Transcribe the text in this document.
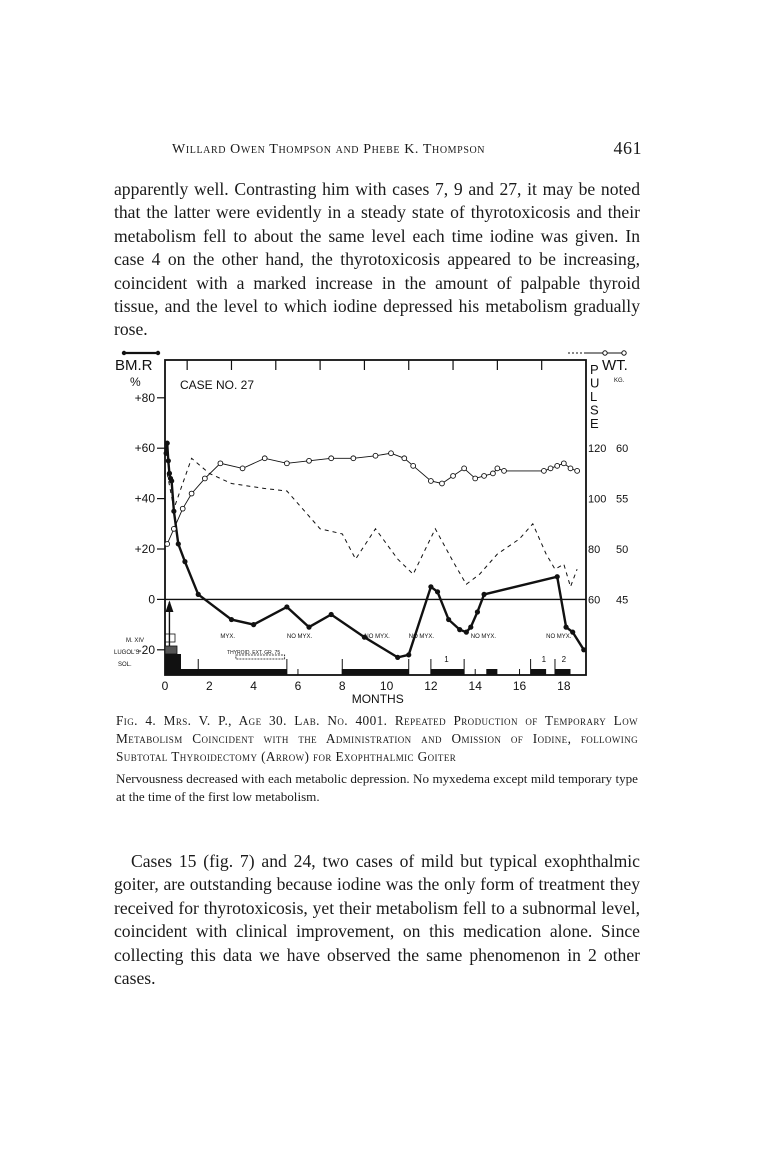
Willard Owen Thompson and Phebe K. Thompson	461

apparently well. Contrasting him with cases 7, 9 and 27, it may be noted that the latter were evidently in a steady state of thyrotoxicosis and their metabolism fell to about the same level each time iodine was given. In case 4 on the other hand, the thyrotoxicosis appeared to be increasing, coincident with a marked increase in the amount of palpable thyroid tissue, and the level to which iodine depressed his metabolism gradually rose.

-20
0
+20
+40
+60
+80
60 45
80 50
100 55
120 60
0	2	4	6	8	10	12	14	16	18
MONTHS
BM.R
%	CASE NO. 27
P
U
L
S
E
WT.
KG.
M. XIV
LUGOL'S
SOL.
MYX.	NO MYX.	NO MYX.	NO MYX.	NO MYX.	NO MYX.
THYROID. EXT. GR. 75
1	1 2
Fig. 4. Mrs. V. P., Age 30. Lab. No. 4001. Repeated Production of Temporary Low Metabolism Coincident with the Administration and Omission of Iodine, following Subtotal Thyroidectomy (Arrow) for Exophthalmic Goiter
Nervousness decreased with each metabolic depression. No myxedema except mild temporary type at the time of the first low metabolism.

Cases 15 (fig. 7) and 24, two cases of mild but typical exophthalmic goiter, are outstanding because iodine was the only form of treatment they received for thyrotoxicosis, yet their metabolism fell to a subnormal level, coincident with clinical improvement, on this medication alone. Since collecting this data we have observed the same phenomenon in 2 other cases.
